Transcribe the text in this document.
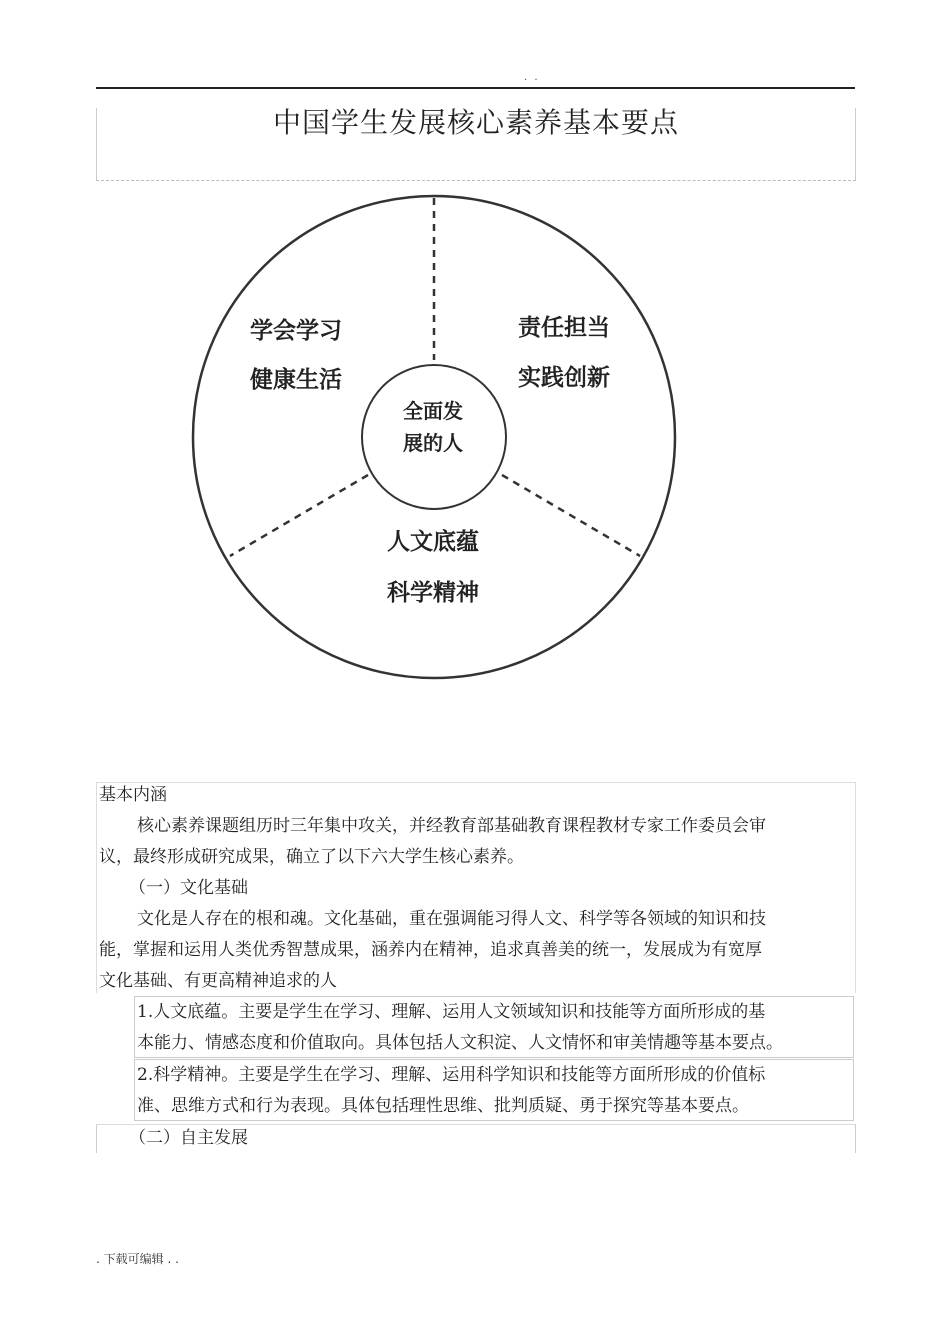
. .
中国学生发展核心素养基本要点
学会学习
健康生活
责任担当
实践创新
全面发
展的人
人文底蕴
科学精神
基本内涵
核心素养课题组历时三年集中攻关，并经教育部基础教育课程教材专家工作委员会审
议，最终形成研究成果，确立了以下六大学生核心素养。
（一）文化基础
文化是人存在的根和魂。文化基础，重在强调能习得人文、科学等各领域的知识和技
能，掌握和运用人类优秀智慧成果，涵养内在精神，追求真善美的统一，发展成为有宽厚
文化基础、有更高精神追求的人
1.人文底蕴。主要是学生在学习、理解、运用人文领域知识和技能等方面所形成的基
本能力、情感态度和价值取向。具体包括人文积淀、人文情怀和审美情趣等基本要点。
2.科学精神。主要是学生在学习、理解、运用科学知识和技能等方面所形成的价值标
准、思维方式和行为表现。具体包括理性思维、批判质疑、勇于探究等基本要点。
（二）自主发展
. 下载可编辑 . .
